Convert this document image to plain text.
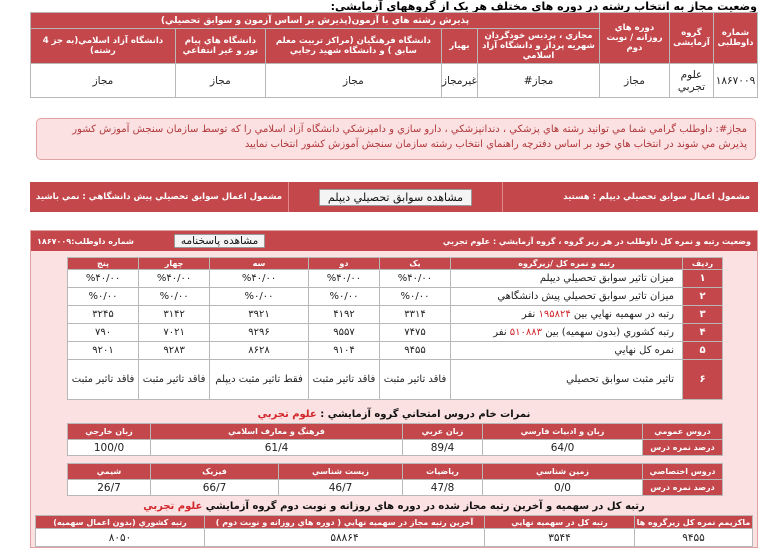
وضعیت مجاز به انتخاب رشته در دوره هاي مختلف هر يک از گروههاي آزمايشي:
شماره داوطلبی	گروه آزمایشی	دوره هاي روزانه / نوبت دوم	پذيرش رشته هاي با آزمون(پذيرش بر اساس آزمون و سوابق تحصيلي)				
			مجازي ، پرديس خودگردان شهريه پرداز و دانشگاه آزاد اسلامي	بهیار	دانشگاه فرهنگيان (مراكز تربيت معلم سابق ) و دانشگاه شهيد رجايي	دانشگاه هاي پيام نور و غير انتفاعي	دانشگاه آزاد اسلامي(به جز 4 رشته)
۱۸۶۷۰۰۹	علوم تجربي	مجاز	مجاز#	غيرمجاز	مجاز	مجاز	مجاز
مجاز#: داوطلب گرامي شما مي توانيد رشته هاي پزشكي ، دندانپزشكي ، دارو سازي و دامپزشكي دانشگاه آزاد اسلامي را كه توسط سازمان سنجش آموزش كشور پذيرش مي شوند در انتخاب هاي خود بر اساس دفترچه راهنماي انتخاب رشته سازمان سنجش آموزش كشور انتخاب نماييد
مشمول اعمال سوابق تحصيلي ديپلم : هستيد
مشاهده سوابق تحصيلي ديپلم
مشمول اعمال سوابق تحصيلي پيش دانشگاهي : نمي باشيد
وضعيت رتبه و نمره كل داوطلب در هر زير گروه ، گروه آزمايشي : علوم تجربي
مشاهده پاسخنامه
شماره داوطلب:
۱۸۶۷۰۰۹
رديف	رتبه و نمره كل /زيرگروه	يک	دو	سه	چهار	پنج
۱	ميزان تاثير سوابق تحصيلي ديپلم	%۴۰/۰۰	%۴۰/۰۰	%۴۰/۰۰	%۴۰/۰۰	%۴۰/۰۰
۲	ميزان تاثير سوابق تحصيلي پيش دانشگاهي	%۰/۰۰	%۰/۰۰	%۰/۰۰	%۰/۰۰	%۰/۰۰
۳	رتبه در سهميه نهايي بين ۱۹۵۸۲۴ نفر	۳۳۱۴	۴۱۹۲	۳۹۲۱	۳۱۴۲	۳۲۴۵
۴	رتبه كشوري (بدون سهميه) بين ۵۱۰۸۸۳ نفر	۷۴۷۵	۹۵۵۷	۹۲۹۶	۷۰۲۱	۷۹۰
۵	نمره كل نهايي	۹۴۵۵	۹۱۰۴	۸۶۲۸	۹۲۸۳	۹۲۰۱
۶	تاثير مثبت سوابق تحصيلي	فاقد تاثير مثبت	فاقد تاثير مثبت	فقط تاثير مثبت ديپلم	فاقد تاثير مثبت	فاقد تاثير مثبت
نمرات خام دروس امتحاني گروه آزمايشي : علوم تجربي
دروس عمومي	زبان و ادبيات فارسي	زبان عربي	فرهنگ و معارف اسلامي	زبان خارجي
درصد نمره درس	64/0	89/4	61/4	100/0
دروس اختصاصي	زمين شناسي	رياضيات	زيست شناسي	فيزيک	شيمي
درصد نمره درس	0/0	47/8	46/7	66/7	26/7
رتبه كل در سهميه و آخرين رتبه مجاز شده در دوره هاي روزانه و نوبت دوم گروه آزمايشي علوم تجربي
ماكزيمم نمره كل زيرگروه ها	رتبه كل در سهميه نهايي	آخرين رتبه مجاز در سهميه نهايي ( دوره هاي روزانه و نوبت دوم )	رتبه كشوري (بدون اعمال سهميه)
۹۴۵۵	۳۵۴۴	۵۸۸۶۴	۸۰۵۰
